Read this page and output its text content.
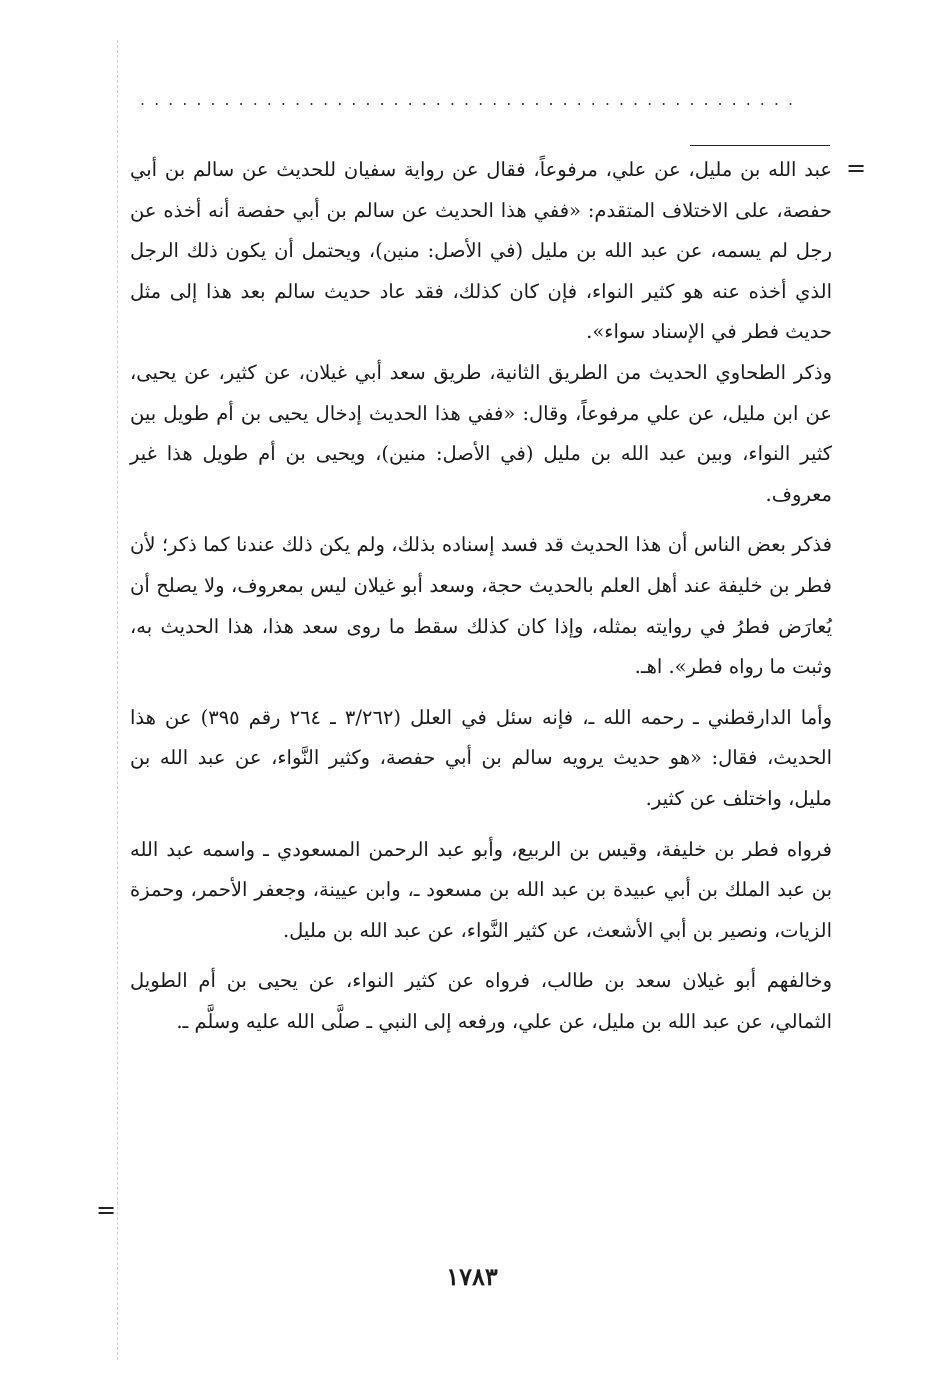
...............................................
=

عبد الله بن مليل، عن علي، مرفوعاً، فقال عن رواية سفيان للحديث عن سالم بن أبي حفصة، على الاختلاف المتقدم: «ففي هذا الحديث عن سالم بن أبي حفصة أنه أخذه عن رجل لم يسمه، عن عبد الله بن مليل (في الأصل: منين)، ويحتمل أن يكون ذلك الرجل الذي أخذه عنه هو كثير النواء، فإن كان كذلك، فقد عاد حديث سالم بعد هذا إلى مثل حديث فطر في الإسناد سواء».

وذكر الطحاوي الحديث من الطريق الثانية، طريق سعد أبي غيلان، عن كثير، عن يحيى، عن ابن مليل، عن علي مرفوعاً، وقال: «ففي هذا الحديث إدخال يحيى بن أم طويل بين كثير النواء، وبين عبد الله بن مليل (في الأصل: منين)، ويحيى بن أم طويل هذا غير معروف.

فذكر بعض الناس أن هذا الحديث قد فسد إسناده بذلك، ولم يكن ذلك عندنا كما ذكر؛ لأن فطر بن خليفة عند أهل العلم بالحديث حجة، وسعد أبو غيلان ليس بمعروف، ولا يصلح أن يُعارَض فطرُ في روايته بمثله، وإذا كان كذلك سقط ما روى سعد هذا، هذا الحديث به، وثبت ما رواه فطر». اهـ.

وأما الدارقطني ـ رحمه الله ـ، فإنه سئل في العلل (٣/٢٦٢ ـ ٢٦٤ رقم ٣٩٥) عن هذا الحديث، فقال: «هو حديث يرويه سالم بن أبي حفصة، وكثير النَّواء، عن عبد الله بن مليل، واختلف عن كثير.

فرواه فطر بن خليفة، وقيس بن الربيع، وأبو عبد الرحمن المسعودي ـ واسمه عبد الله بن عبد الملك بن أبي عبيدة بن عبد الله بن مسعود ـ، وابن عيينة، وجعفر الأحمر، وحمزة الزيات، ونصير بن أبي الأشعث، عن كثير النَّواء، عن عبد الله بن مليل.

وخالفهم أبو غيلان سعد بن طالب، فرواه عن كثير النواء، عن يحيى بن أم الطويل الثمالي، عن عبد الله بن مليل، عن علي، ورفعه إلى النبي ـ صلَّى الله عليه وسلَّم ـ.

=
١٧٨٣
